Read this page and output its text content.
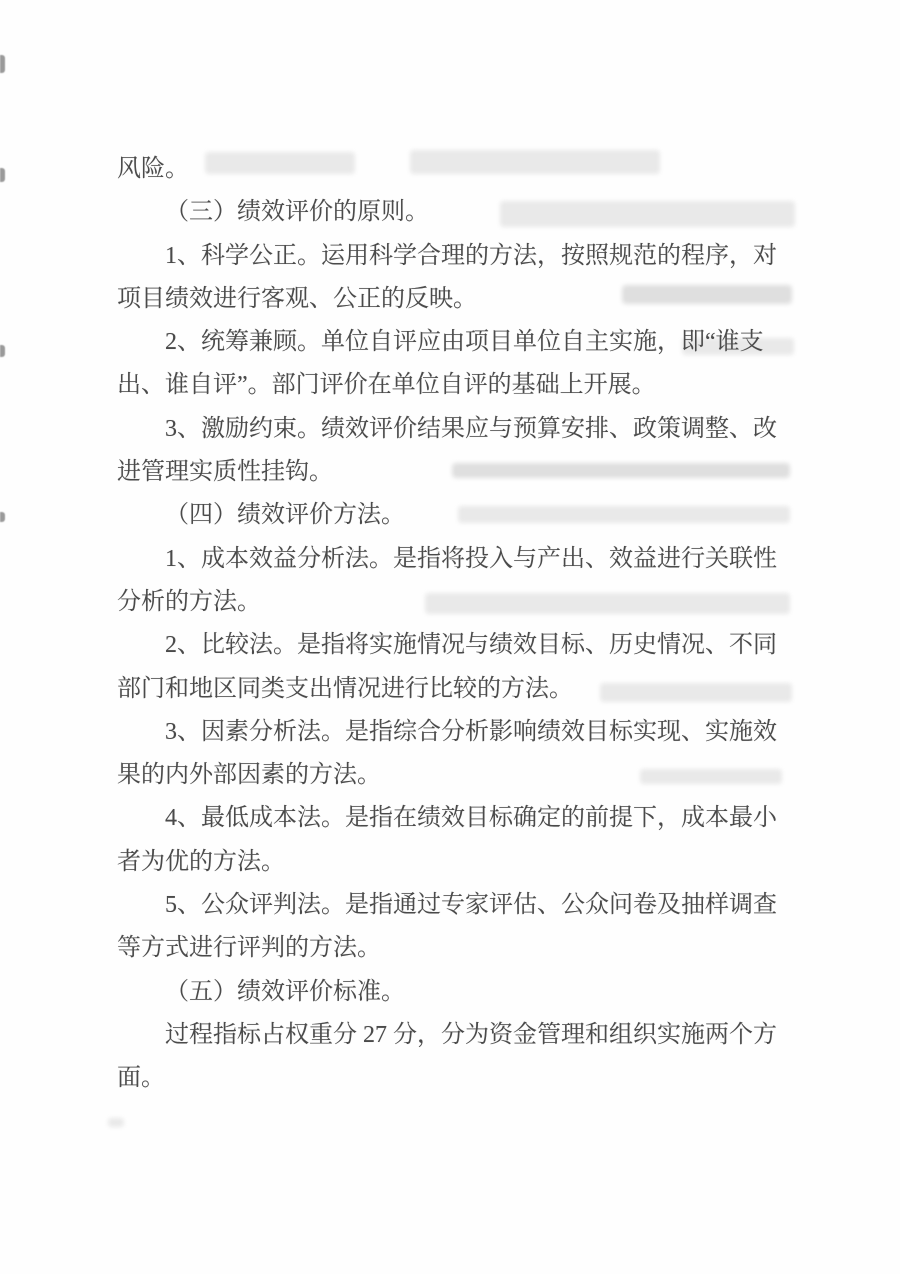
风险。
（三）绩效评价的原则。
1、科学公正。运用科学合理的方法，按照规范的程序，对
项目绩效进行客观、公正的反映。
2、统筹兼顾。单位自评应由项目单位自主实施，即“谁支
出、谁自评”。部门评价在单位自评的基础上开展。
3、激励约束。绩效评价结果应与预算安排、政策调整、改
进管理实质性挂钩。
（四）绩效评价方法。
1、成本效益分析法。是指将投入与产出、效益进行关联性
分析的方法。
2、比较法。是指将实施情况与绩效目标、历史情况、不同
部门和地区同类支出情况进行比较的方法。
3、因素分析法。是指综合分析影响绩效目标实现、实施效
果的内外部因素的方法。
4、最低成本法。是指在绩效目标确定的前提下，成本最小
者为优的方法。
5、公众评判法。是指通过专家评估、公众问卷及抽样调查
等方式进行评判的方法。
（五）绩效评价标准。
过程指标占权重分 27 分，分为资金管理和组织实施两个方
面。
